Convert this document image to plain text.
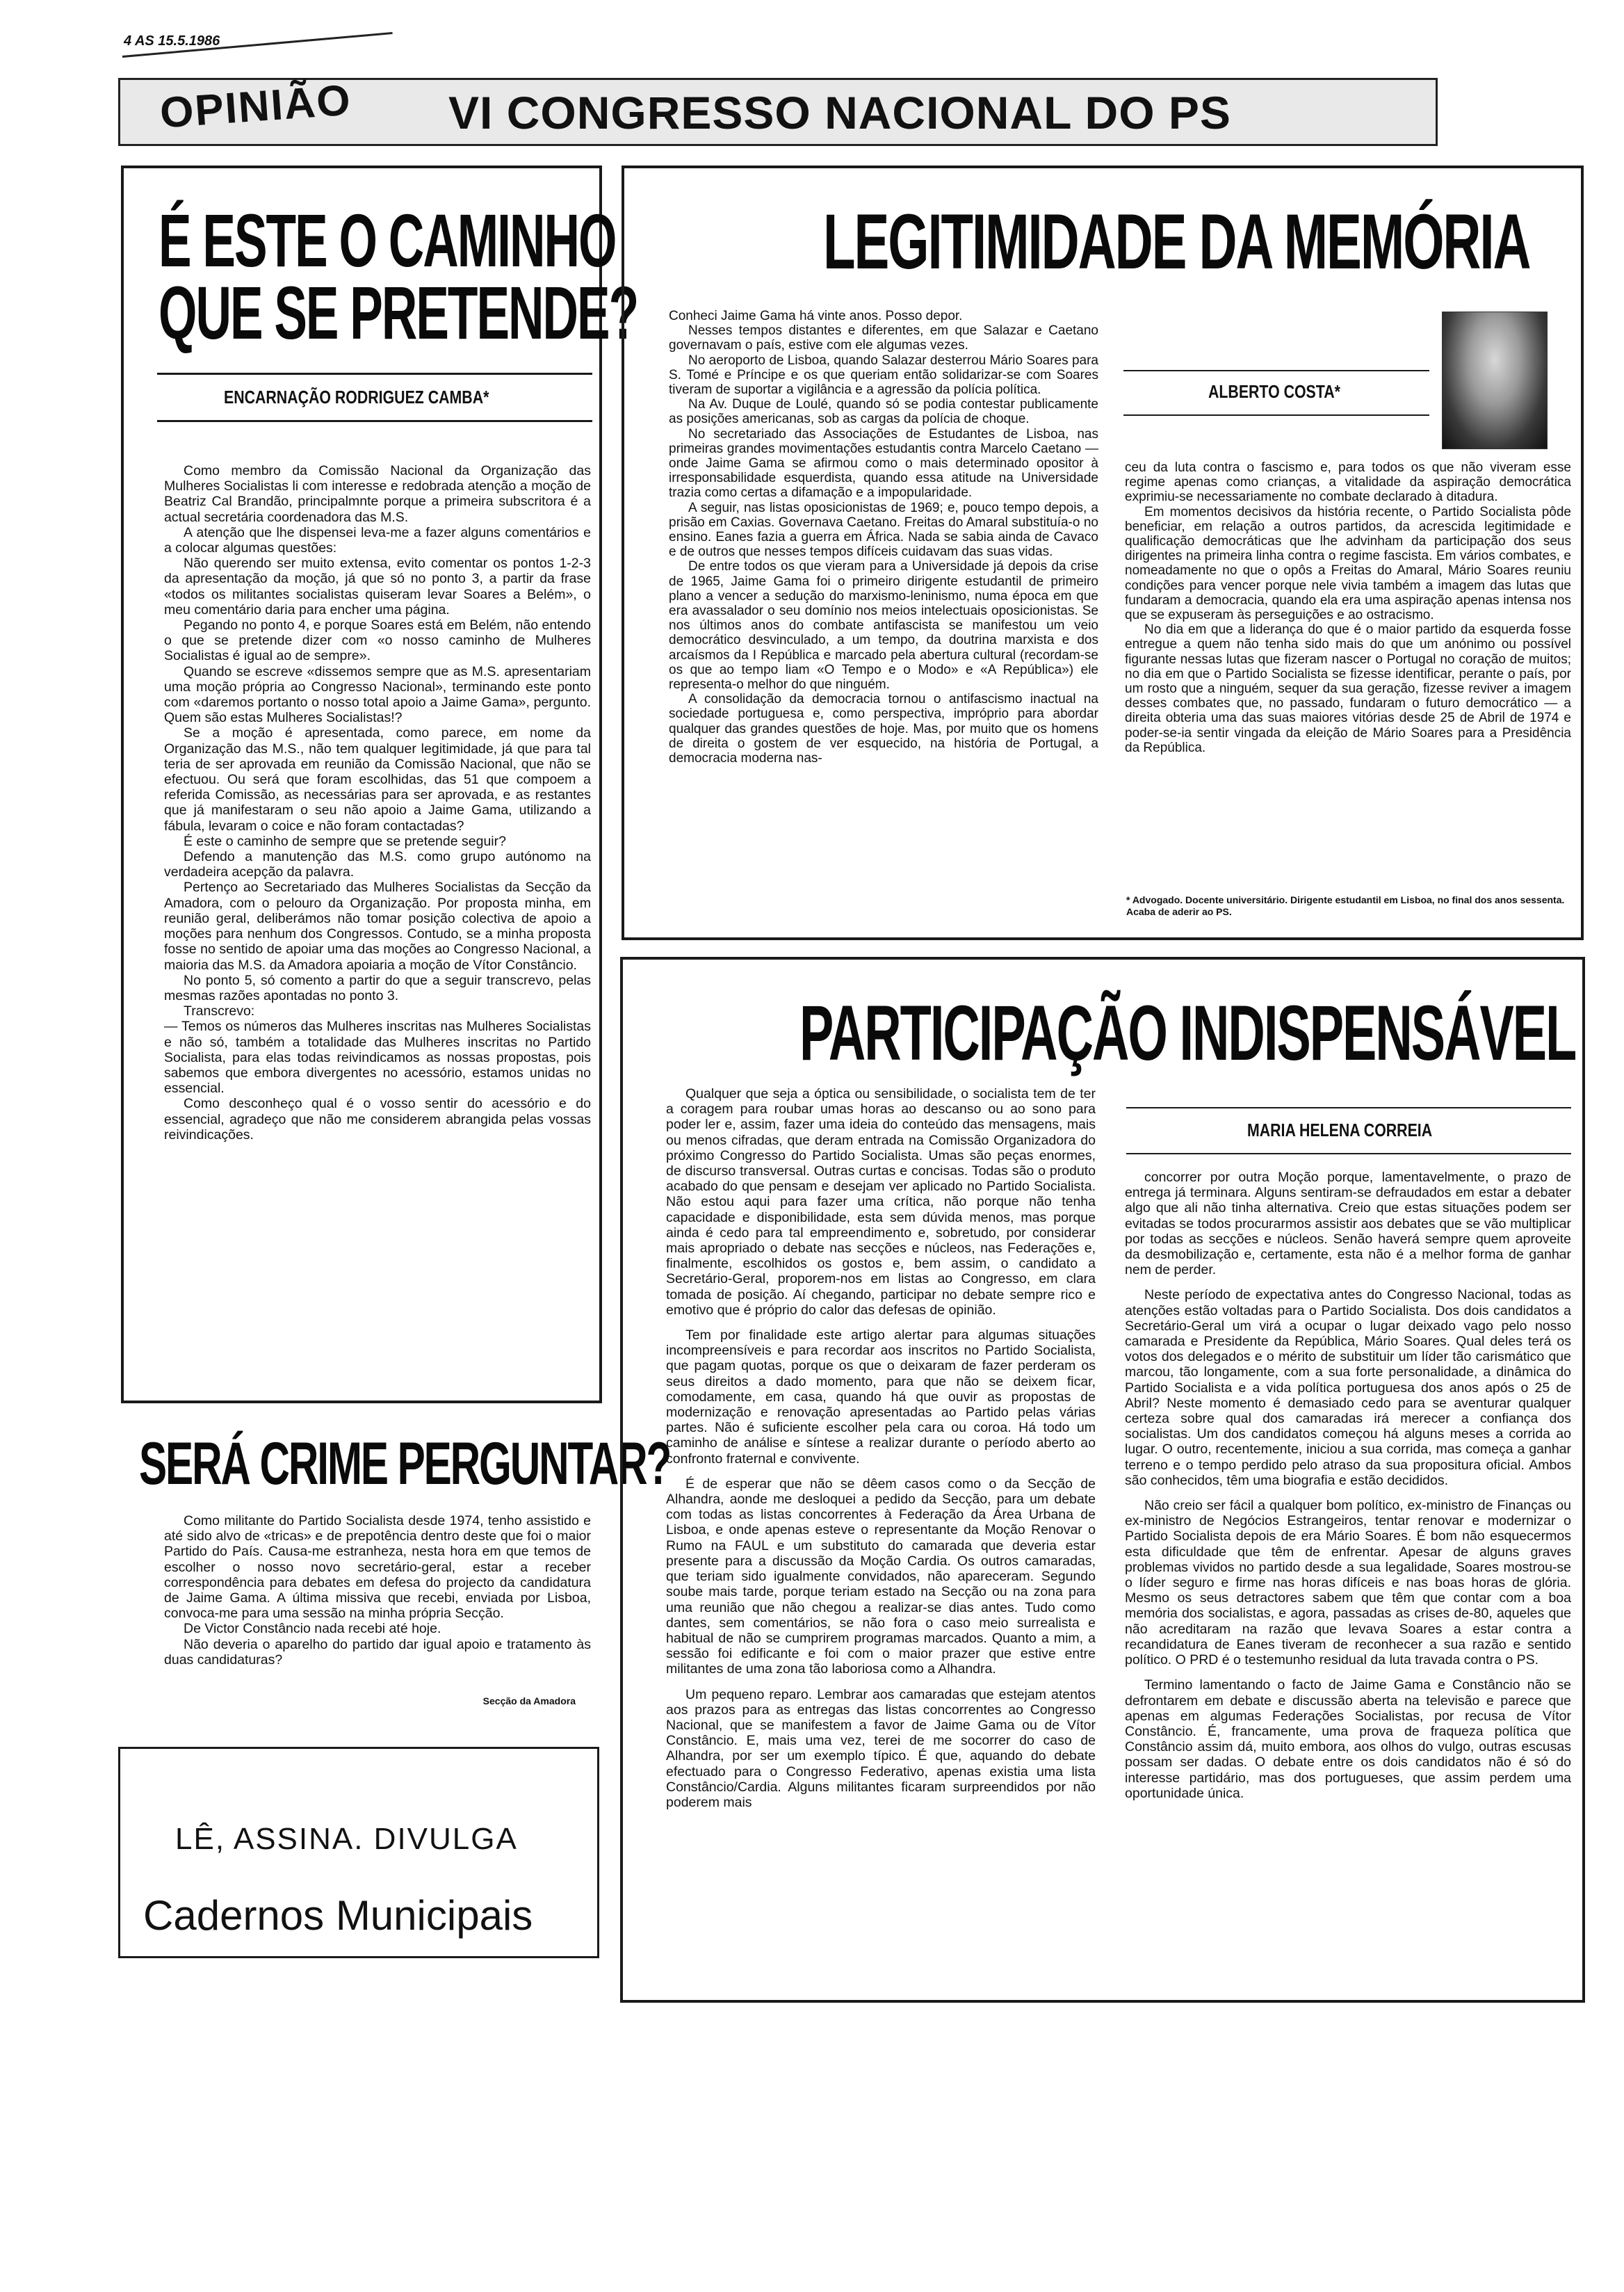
4 AS 15.5.1986
OPINIÃO VI CONGRESSO NACIONAL DO PS
É ESTE O CAMINHO
QUE SE PRETENDE?
ENCARNAÇÃO RODRIGUEZ CAMBA*

Como membro da Comissão Nacional da Organização das Mulheres Socialistas li com interesse e redobrada atenção a moção de Beatriz Cal Brandão, principalmnte porque a primeira subscritora é a actual secretária coordenadora das M.S.

A atenção que lhe dispensei leva-me a fazer alguns comentários e a colocar algumas questões:

Não querendo ser muito extensa, evito comentar os pontos 1-2-3 da apresentação da moção, já que só no ponto 3, a partir da frase «todos os militantes socialistas quiseram levar Soares a Belém», o meu comentário daria para encher uma página.

Pegando no ponto 4, e porque Soares está em Belém, não entendo o que se pretende dizer com «o nosso caminho de Mulheres Socialistas é igual ao de sempre».

Quando se escreve «dissemos sempre que as M.S. apresentariam uma moção própria ao Congresso Nacional», terminando este ponto com «daremos portanto o nosso total apoio a Jaime Gama», pergunto. Quem são estas Mulheres Socialistas!?

Se a moção é apresentada, como parece, em nome da Organização das M.S., não tem qualquer legitimidade, já que para tal teria de ser aprovada em reunião da Comissão Nacional, que não se efectuou. Ou será que foram escolhidas, das 51 que compoem a referida Comissão, as necessárias para ser aprovada, e as restantes que já manifestaram o seu não apoio a Jaime Gama, utilizando a fábula, levaram o coice e não foram contactadas?

É este o caminho de sempre que se pretende seguir?

Defendo a manutenção das M.S. como grupo autónomo na verdadeira acepção da palavra.

Pertenço ao Secretariado das Mulheres Socialistas da Secção da Amadora, com o pelouro da Organização. Por proposta minha, em reunião geral, deliberámos não tomar posição colectiva de apoio a moções para nenhum dos Congressos. Contudo, se a minha proposta fosse no sentido de apoiar uma das moções ao Congresso Nacional, a maioria das M.S. da Amadora apoiaria a moção de Vítor Constâncio.

No ponto 5, só comento a partir do que a seguir transcrevo, pelas mesmas razões apontadas no ponto 3.

Transcrevo:

— Temos os números das Mulheres inscritas nas Mulheres Socialistas e não só, também a totalidade das Mulheres inscritas no Partido Socialista, para elas todas reivindicamos as nossas propostas, pois sabemos que embora divergentes no acessório, estamos unidas no essencial.

Como desconheço qual é o vosso sentir do acessório e do essencial, agradeço que não me considerem abrangida pelas vossas reivindicações.

SERÁ CRIME PERGUNTAR?

Como militante do Partido Socialista desde 1974, tenho assistido e até sido alvo de «tricas» e de prepotência dentro deste que foi o maior Partido do País. Causa-me estranheza, nesta hora em que temos de escolher o nosso novo secretário-geral, estar a receber correspondência para debates em defesa do projecto da candidatura de Jaime Gama. A última missiva que recebi, enviada por Lisboa, convoca-me para uma sessão na minha própria Secção.

De Victor Constâncio nada recebi até hoje.

Não deveria o aparelho do partido dar igual apoio e tratamento às duas candidaturas?

Secção da Amadora
LÊ, ASSINA. DIVULGA
Cadernos Municipais
LEGITIMIDADE DA MEMÓRIA

Conheci Jaime Gama há vinte anos. Posso depor.

Nesses tempos distantes e diferentes, em que Salazar e Caetano governavam o país, estive com ele algumas vezes.

No aeroporto de Lisboa, quando Salazar desterrou Mário Soares para S. Tomé e Príncipe e os que queriam então solidarizar-se com Soares tiveram de suportar a vigilância e a agressão da polícia política.

Na Av. Duque de Loulé, quando só se podia contestar publicamente as posições americanas, sob as cargas da polícia de choque.

No secretariado das Associações de Estudantes de Lisboa, nas primeiras grandes movimentações estudantis contra Marcelo Caetano — onde Jaime Gama se afirmou como o mais determinado opositor à irresponsabilidade esquerdista, quando essa atitude na Universidade trazia como certas a difamação e a impopularidade.

A seguir, nas listas oposicionistas de 1969; e, pouco tempo depois, a prisão em Caxias. Governava Caetano. Freitas do Amaral substituía-o no ensino. Eanes fazia a guerra em África. Nada se sabia ainda de Cavaco e de outros que nesses tempos difíceis cuidavam das suas vidas.

De entre todos os que vieram para a Universidade já depois da crise de 1965, Jaime Gama foi o primeiro dirigente estudantil de primeiro plano a vencer a sedução do marxismo-leninismo, numa época em que era avassalador o seu domínio nos meios intelectuais oposicionistas. Se nos últimos anos do combate antifascista se manifestou um veio democrático desvinculado, a um tempo, da doutrina marxista e dos arcaísmos da I República e marcado pela abertura cultural (recordam-se os que ao tempo liam «O Tempo e o Modo» e «A República») ele representa-o melhor do que ninguém.

A consolidação da democracia tornou o antifascismo inactual na sociedade portuguesa e, como perspectiva, impróprio para abordar qualquer das grandes questões de hoje. Mas, por muito que os homens de direita o gostem de ver esquecido, na história de Portugal, a democracia moderna nas-

ALBERTO COSTA*

ceu da luta contra o fascismo e, para todos os que não viveram esse regime apenas como crianças, a vitalidade da aspiração democrática exprimiu-se necessariamente no combate declarado à ditadura.

Em momentos decisivos da história recente, o Partido Socialista pôde beneficiar, em relação a outros partidos, da acrescida legitimidade e qualificação democráticas que lhe advinham da participação dos seus dirigentes na primeira linha contra o regime fascista. Em vários combates, e nomeadamente no que o opôs a Freitas do Amaral, Mário Soares reuniu condições para vencer porque nele vivia também a imagem das lutas que fundaram a democracia, quando ela era uma aspiração apenas intensa nos que se expuseram às perseguições e ao ostracismo.

No dia em que a liderança do que é o maior partido da esquerda fosse entregue a quem não tenha sido mais do que um anónimo ou possível figurante nessas lutas que fizeram nascer o Portugal no coração de muitos; no dia em que o Partido Socialista se fizesse identificar, perante o país, por um rosto que a ninguém, sequer da sua geração, fizesse reviver a imagem desses combates que, no passado, fundaram o futuro democrático — a direita obteria uma das suas maiores vitórias desde 25 de Abril de 1974 e poder-se-ia sentir vingada da eleição de Mário Soares para a Presidência da República.

* Advogado. Docente universitário. Dirigente estudantil em Lisboa, no final dos anos sessenta. Acaba de aderir ao PS.
PARTICIPAÇÃO INDISPENSÁVEL
MARIA HELENA CORREIA

Qualquer que seja a óptica ou sensibilidade, o socialista tem de ter a coragem para roubar umas horas ao descanso ou ao sono para poder ler e, assim, fazer uma ideia do conteúdo das mensagens, mais ou menos cifradas, que deram entrada na Comissão Organizadora do próximo Congresso do Partido Socialista. Umas são peças enormes, de discurso transversal. Outras curtas e concisas. Todas são o produto acabado do que pensam e desejam ver aplicado no Partido Socialista. Não estou aqui para fazer uma crítica, não porque não tenha capacidade e disponibilidade, esta sem dúvida menos, mas porque ainda é cedo para tal empreendimento e, sobretudo, por considerar mais apropriado o debate nas secções e núcleos, nas Federações e, finalmente, escolhidos os gostos e, bem assim, o candidato a Secretário-Geral, proporem-nos em listas ao Congresso, em clara tomada de posição. Aí chegando, participar no debate sempre rico e emotivo que é próprio do calor das defesas de opinião.

Tem por finalidade este artigo alertar para algumas situações incompreensíveis e para recordar aos inscritos no Partido Socialista, que pagam quotas, porque os que o deixaram de fazer perderam os seus direitos a dado momento, para que não se deixem ficar, comodamente, em casa, quando há que ouvir as propostas de modernização e renovação apresentadas ao Partido pelas várias partes. Não é suficiente escolher pela cara ou coroa. Há todo um caminho de análise e síntese a realizar durante o período aberto ao confronto fraternal e convivente.

É de esperar que não se dêem casos como o da Secção de Alhandra, aonde me desloquei a pedido da Secção, para um debate com todas as listas concorrentes à Federação da Área Urbana de Lisboa, e onde apenas esteve o representante da Moção Renovar o Rumo na FAUL e um substituto do camarada que deveria estar presente para a discussão da Moção Cardia. Os outros camaradas, que teriam sido igualmente convidados, não apareceram. Segundo soube mais tarde, porque teriam estado na Secção ou na zona para uma reunião que não chegou a realizar-se dias antes. Tudo como dantes, sem comentários, se não fora o caso meio surrealista e habitual de não se cumprirem programas marcados. Quanto a mim, a sessão foi edificante e foi com o maior prazer que estive entre militantes de uma zona tão laboriosa como a Alhandra.

Um pequeno reparo. Lembrar aos camaradas que estejam atentos aos prazos para as entregas das listas concorrentes ao Congresso Nacional, que se manifestem a favor de Jaime Gama ou de Vítor Constâncio. E, mais uma vez, terei de me socorrer do caso de Alhandra, por ser um exemplo típico. É que, aquando do debate efectuado para o Congresso Federativo, apenas existia uma lista Constâncio/Cardia. Alguns militantes ficaram surpreendidos por não poderem mais

concorrer por outra Moção porque, lamentavelmente, o prazo de entrega já terminara. Alguns sentiram-se defraudados em estar a debater algo que ali não tinha alternativa. Creio que estas situações podem ser evitadas se todos procurarmos assistir aos debates que se vão multiplicar por todas as secções e núcleos. Senão haverá sempre quem aproveite da desmobilização e, certamente, esta não é a melhor forma de ganhar nem de perder.

Neste período de expectativa antes do Congresso Nacional, todas as atenções estão voltadas para o Partido Socialista. Dos dois candidatos a Secretário-Geral um virá a ocupar o lugar deixado vago pelo nosso camarada e Presidente da República, Mário Soares. Qual deles terá os votos dos delegados e o mérito de substituir um líder tão carismático que marcou, tão longamente, com a sua forte personalidade, a dinâmica do Partido Socialista e a vida política portuguesa dos anos após o 25 de Abril? Neste momento é demasiado cedo para se aventurar qualquer certeza sobre qual dos camaradas irá merecer a confiança dos socialistas. Um dos candidatos começou há alguns meses a corrida ao lugar. O outro, recentemente, iniciou a sua corrida, mas começa a ganhar terreno e o tempo perdido pelo atraso da sua propositura oficial. Ambos são conhecidos, têm uma biografia e estão decididos.

Não creio ser fácil a qualquer bom político, ex-ministro de Finanças ou ex-ministro de Negócios Estrangeiros, tentar renovar e modernizar o Partido Socialista depois de era Mário Soares. É bom não esquecermos esta dificuldade que têm de enfrentar. Apesar de alguns graves problemas vividos no partido desde a sua legalidade, Soares mostrou-se o líder seguro e firme nas horas difíceis e nas boas horas de glória. Mesmo os seus detractores sabem que têm que contar com a boa memória dos socialistas, e agora, passadas as crises de-80, aqueles que não acreditaram na razão que levava Soares a estar contra a recandidatura de Eanes tiveram de reconhecer a sua razão e sentido político. O PRD é o testemunho residual da luta travada contra o PS.

Termino lamentando o facto de Jaime Gama e Constâncio não se defrontarem em debate e discussão aberta na televisão e parece que apenas em algumas Federações Socialistas, por recusa de Vítor Constâncio. É, francamente, uma prova de fraqueza política que Constâncio assim dá, muito embora, aos olhos do vulgo, outras escusas possam ser dadas. O debate entre os dois candidatos não é só do interesse partidário, mas dos portugueses, que assim perdem uma oportunidade única.
